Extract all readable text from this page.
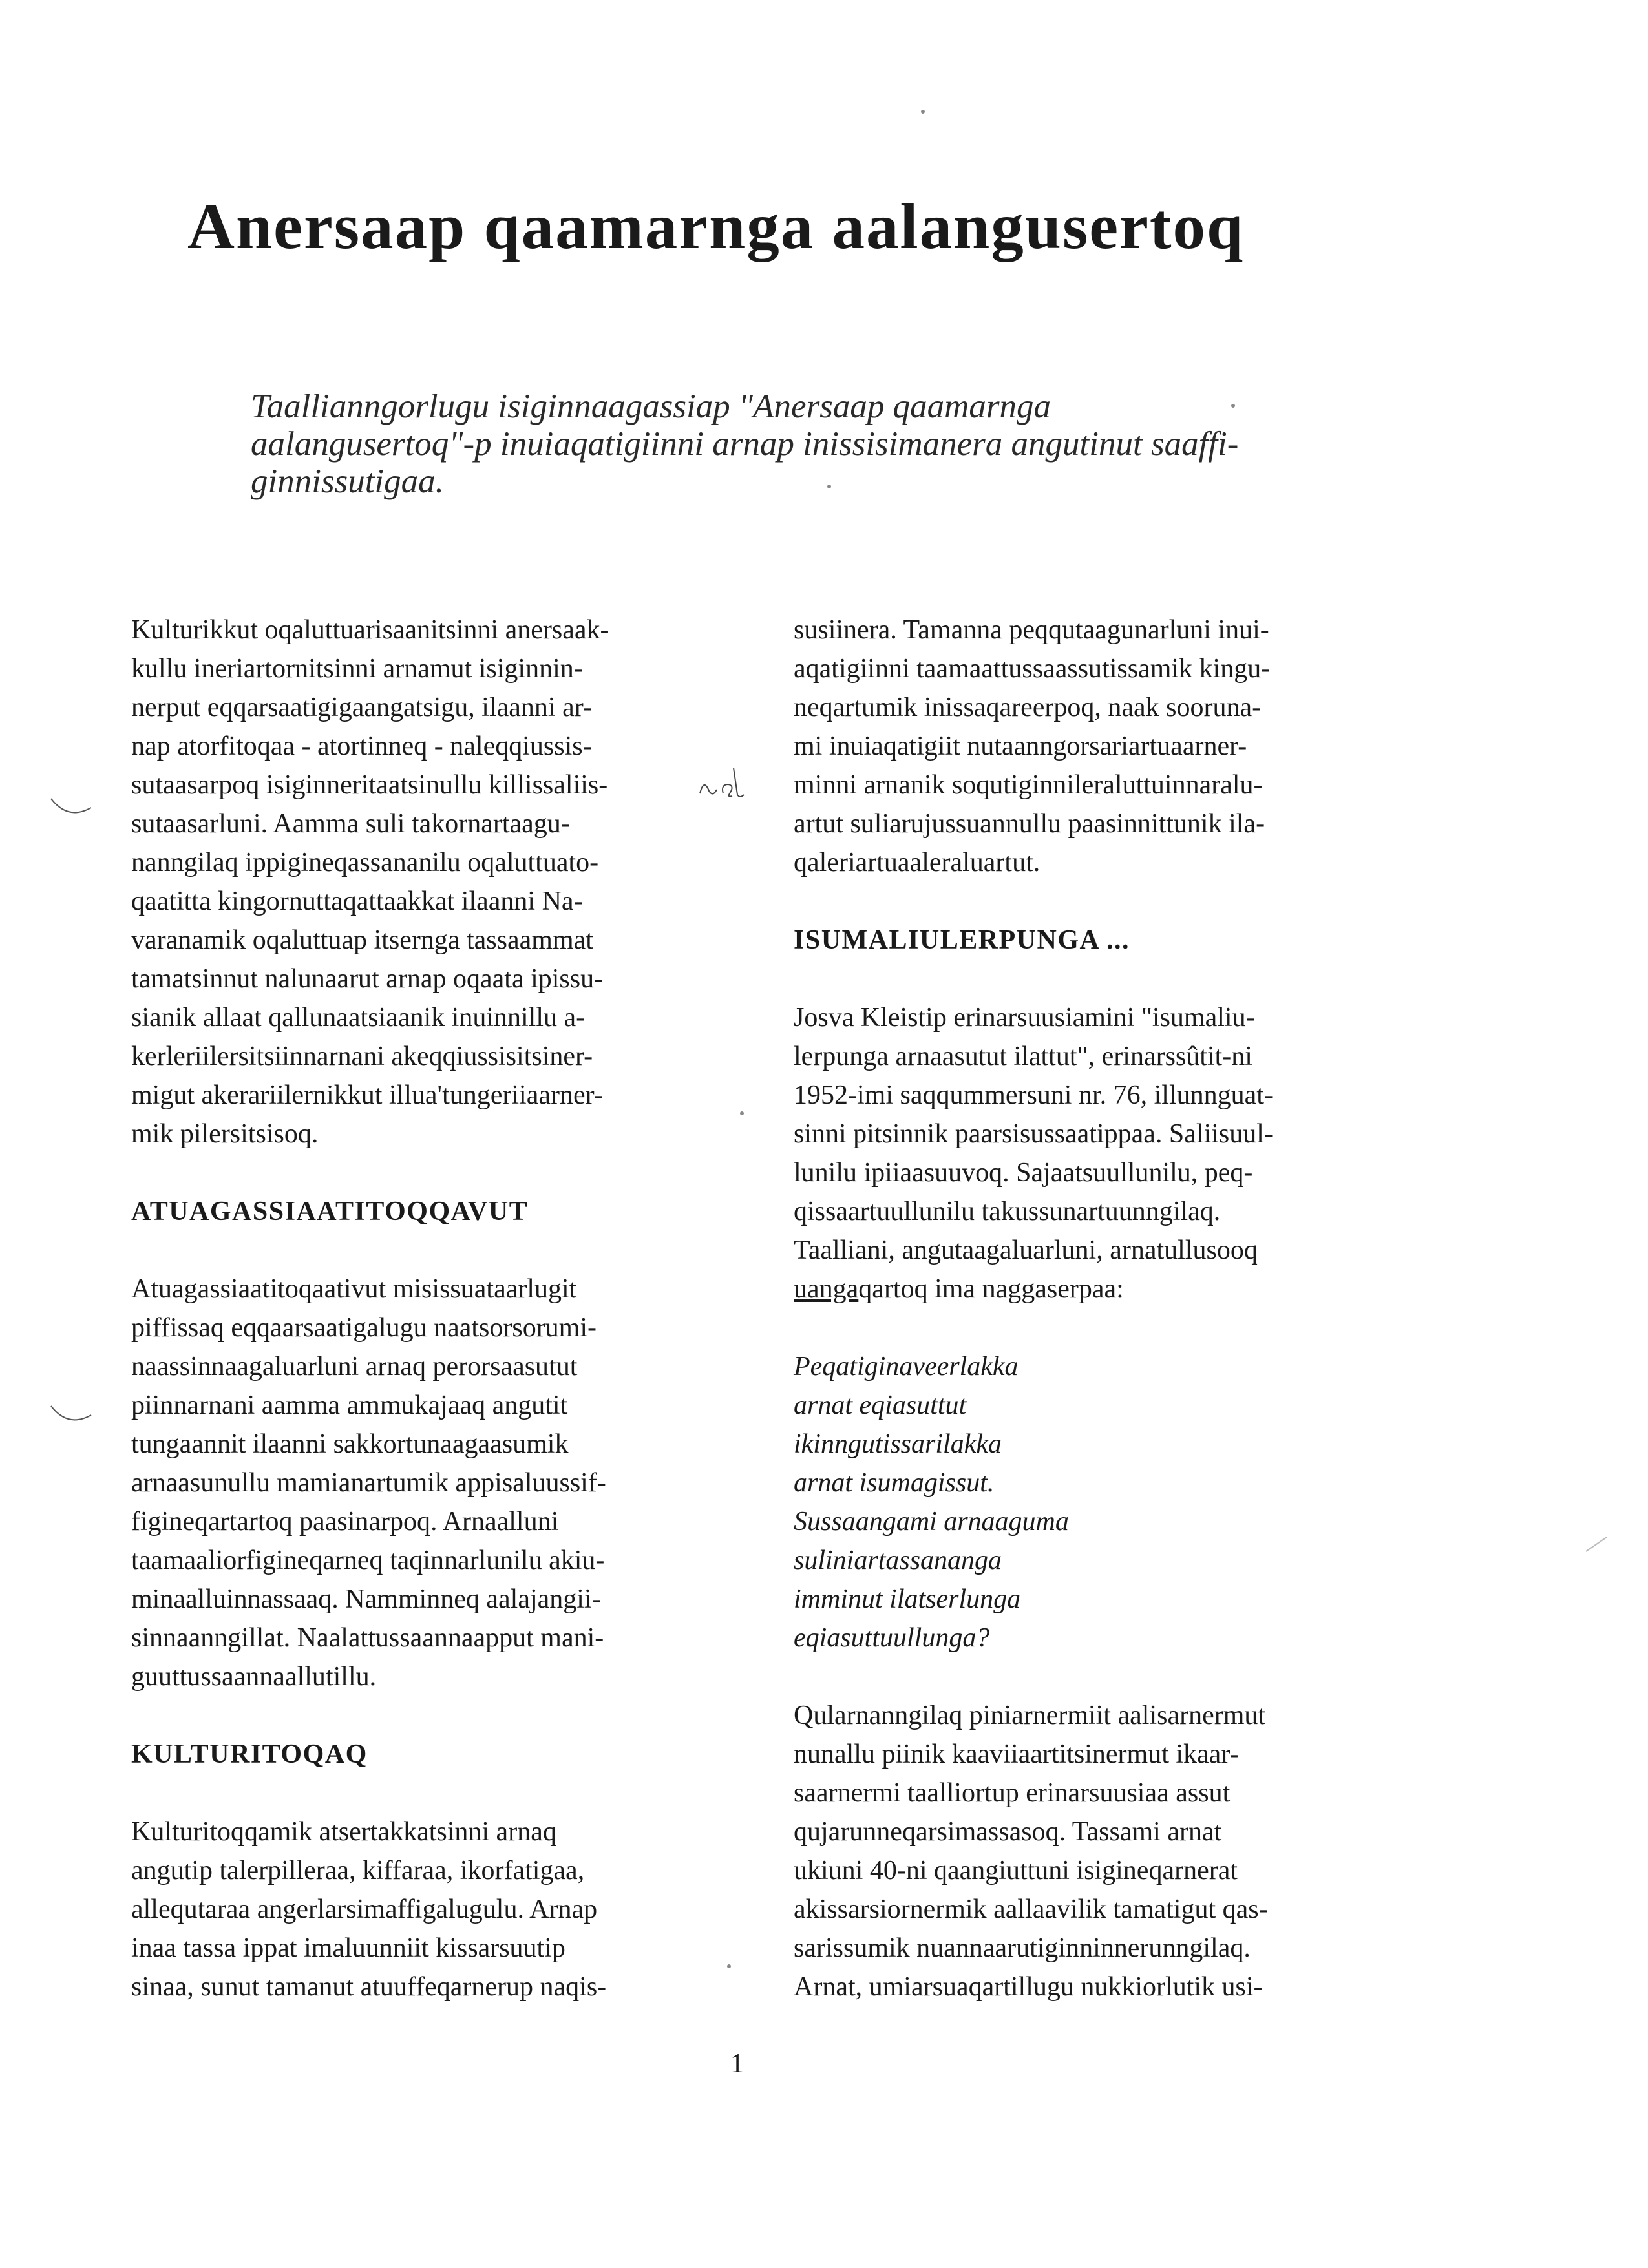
Anersaap qaamarnga aalangusertoq

Taallianngorlugu isiginnaagassiap "Anersaap qaamarnga
aalangusertoq"-p inuiaqatigiinni arnap inissisimanera angutinut saaffi-
ginnissutigaa.

Kulturikkut oqaluttuarisaanitsinni anersaak-
kullu ineriartornitsinni arnamut isiginnin-
nerput eqqarsaatigigaangatsigu, ilaanni ar-
nap atorfitoqaa - atortinneq - naleqqiussis-
sutaasarpoq isiginneritaatsinullu killissaliis-
sutaasarluni. Aamma suli takornartaagu-
nanngilaq ippigineqassananilu oqaluttuato-
qaatitta kingornuttaqattaakkat ilaanni Na-
varanamik oqaluttuap itsernga tassaammat
tamatsinnut nalunaarut arnap oqaata ipissu-
sianik allaat qallunaatsiaanik inuinnillu a-
kerleriilersitsiinnarnani akeqqiussisitsiner-
migut akerariilernikkut illua'tungeriiaarner-
mik pilersitsisoq.

ATUAGASSIAATITOQQAVUT

Atuagassiaatitoqaativut misissuataarlugit
piffissaq eqqaarsaatigalugu naatsorsorumi-
naassinnaagaluarluni arnaq perorsaasutut
piinnarnani aamma ammukajaaq angutit
tungaannit ilaanni sakkortunaagaasumik
arnaasunullu mamianartumik appisaluussif-
figineqartartoq paasinarpoq. Arnaalluni
taamaaliorfigineqarneq taqinnarlunilu akiu-
minaalluinnassaaq. Namminneq aalajangii-
sinnaanngillat. Naalattussaannaapput mani-
guuttussaannaallutillu.

KULTURITOQAQ

Kulturitoqqamik atsertakkatsinni arnaq
angutip talerpilleraa, kiffaraa, ikorfatigaa,
allequtaraa angerlarsimaffigalugulu. Arnap
inaa tassa ippat imaluunniit kissarsuutip
sinaa, sunut tamanut atuuffeqarnerup naqis-

susiinera. Tamanna peqqutaagunarluni inui-
aqatigiinni taamaattussaassutissamik kingu-
neqartumik inissaqareerpoq, naak sooruna-
mi inuiaqatigiit nutaanngorsariartuaarner-
minni arnanik soqutiginnileraluttuinnaralu-
artut suliarujussuannullu paasinnittunik ila-
qaleriartuaaleraluartut.

ISUMALIULERPUNGA ...

Josva Kleistip erinarsuusiamini "isumaliu-
lerpunga arnaasutut ilattut", erinarssûtit-ni
1952-imi saqqummersuni nr. 76, illunnguat-
sinni pitsinnik paarsisussaatippaa. Saliisuul-
lunilu ipiiaasuuvoq. Sajaatsuullunilu, peq-
qissaartuullunilu takussunartuunngilaq.
Taalliani, angutaagaluarluni, arnatullusooq
uangaqartoq ima naggaserpaa:

Peqatiginaveerlakka
arnat eqiasuttut
ikinngutissarilakka
arnat isumagissut.
Sussaangami arnaaguma
suliniartassananga
imminut ilatserlunga
eqiasuttuullunga?

Qularnanngilaq piniarnermiit aalisarnermut
nunallu piinik kaaviiaartitsinermut ikaar-
saarnermi taalliortup erinarsuusiaa assut
qujarunneqarsimassasoq. Tassami arnat
ukiuni 40-ni qaangiuttuni isigineqarnerat
akissarsiornermik aallaavilik tamatigut qas-
sarissumik nuannaarutiginninnerunngilaq.
Arnat, umiarsuaqartillugu nukkiorlutik usi-

1
